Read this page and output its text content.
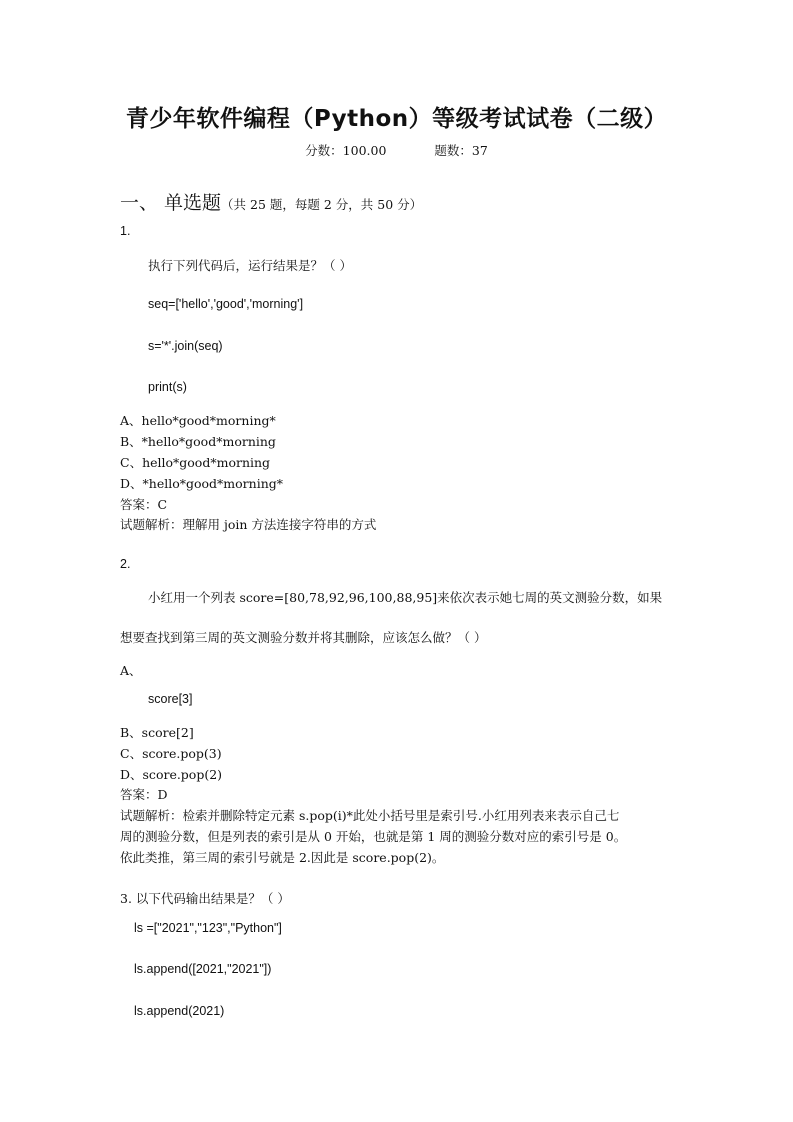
青少年软件编程（Python）等级考试试卷（二级）
分数：100.00	题数：37
一、 单选题（共 25 题，每题 2 分，共 50 分）
1.
执行下列代码后，运行结果是？（ ）
seq=['hello','good','morning']
s='*'.join(seq)
print(s)
A、hello*good*morning*
B、*hello*good*morning
C、hello*good*morning
D、*hello*good*morning*
答案：C
试题解析：理解用 join 方法连接字符串的方式
2.
小红用一个列表 score=[80,78,92,96,100,88,95]来依次表示她七周的英文测验分数，如果
想要查找到第三周的英文测验分数并将其删除，应该怎么做？（ ）
A、
score[3]
B、score[2]
C、score.pop(3)
D、score.pop(2)
答案：D
试题解析：检索并删除特定元素 s.pop(i)*此处小括号里是索引号.小红用列表来表示自己七
周的测验分数，但是列表的索引是从 0 开始，也就是第 1 周的测验分数对应的索引号是 0。
依此类推，第三周的索引号就是 2.因此是 score.pop(2)。
3. 以下代码输出结果是？（ ）
ls =["2021","123","Python"]
ls.append([2021,"2021"])
ls.append(2021)
